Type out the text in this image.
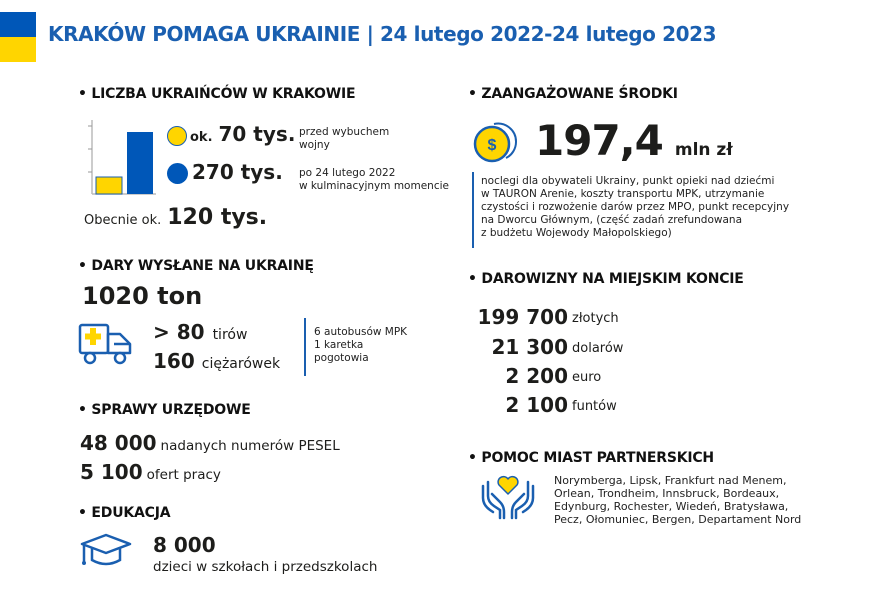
KRAKÓW POMAGA UKRAINIE | 24 lutego 2022-24 lutego 2023
• LICZBA UKRAIŃCÓW W KRAKOWIE
ok. 70 tys. przed wybuchem
wojny
270 tys. po 24 lutego 2022
w kulminacyjnym momencie
Obecnie ok. 120 tys.
• DARY WYSŁANE NA UKRAINĘ
1020 ton
> 80 tirów
160 ciężarówek
6 autobusów MPK
1 karetka
pogotowia
• SPRAWY URZĘDOWE
48 000 nadanych numerów PESEL
5 100 ofert pracy
• EDUKACJA
8 000
dzieci w szkołach i przedszkolach
• ZAANGAŻOWANE ŚRODKI
$ 197,4 mln zł
noclegi dla obywateli Ukrainy, punkt opieki nad dziećmi
w TAURON Arenie, koszty transportu MPK, utrzymanie
czystości i rozwożenie darów przez MPO, punkt recepcyjny
na Dworcu Głównym, (część zadań zrefundowana
z budżetu Wojewody Małopolskiego)
• DAROWIZNY NA MIEJSKIM KONCIE
199 700 złotych
21 300 dolarów
2 200 euro
2 100 funtów
• POMOC MIAST PARTNERSKICH
Norymberga, Lipsk, Frankfurt nad Menem,
Orlean, Trondheim, Innsbruck, Bordeaux,
Edynburg, Rochester, Wiedeń, Bratysława,
Pecz, Ołomuniec, Bergen, Departament Nord
